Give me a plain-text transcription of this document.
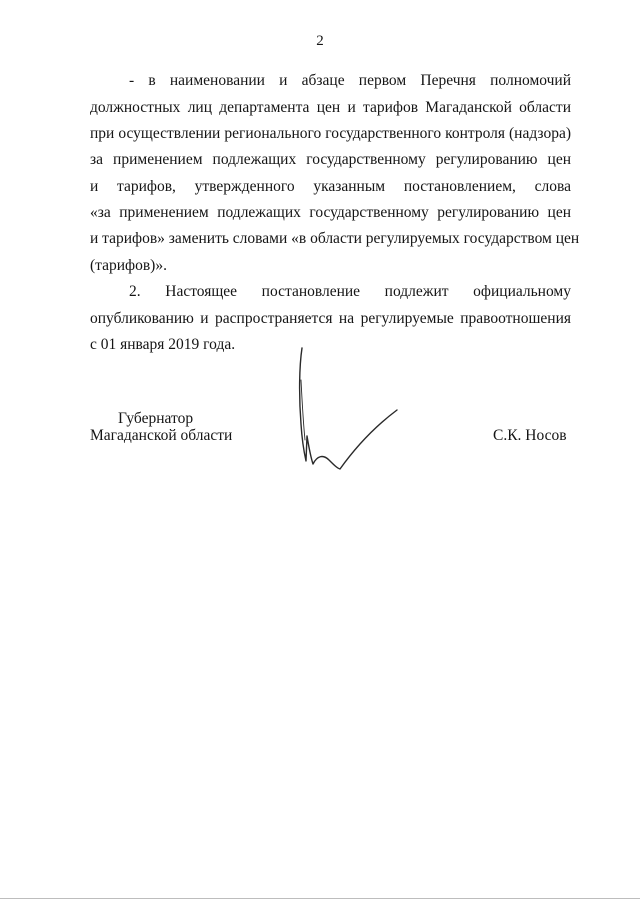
2
- в наименовании и абзаце первом Перечня полномочий
должностных лиц департамента цен и тарифов Магаданской области
при осуществлении регионального государственного контроля (надзора)
за применением подлежащих государственному регулированию цен
и тарифов, утвержденного указанным постановлением, слова
«за применением подлежащих государственному регулированию цен
и тарифов» заменить словами «в области регулируемых государством цен
(тарифов)».
2. Настоящее постановление подлежит официальному
опубликованию и распространяется на регулируемые правоотношения
с 01 января 2019 года.
Губернатор
Магаданской области	С.К. Носов
